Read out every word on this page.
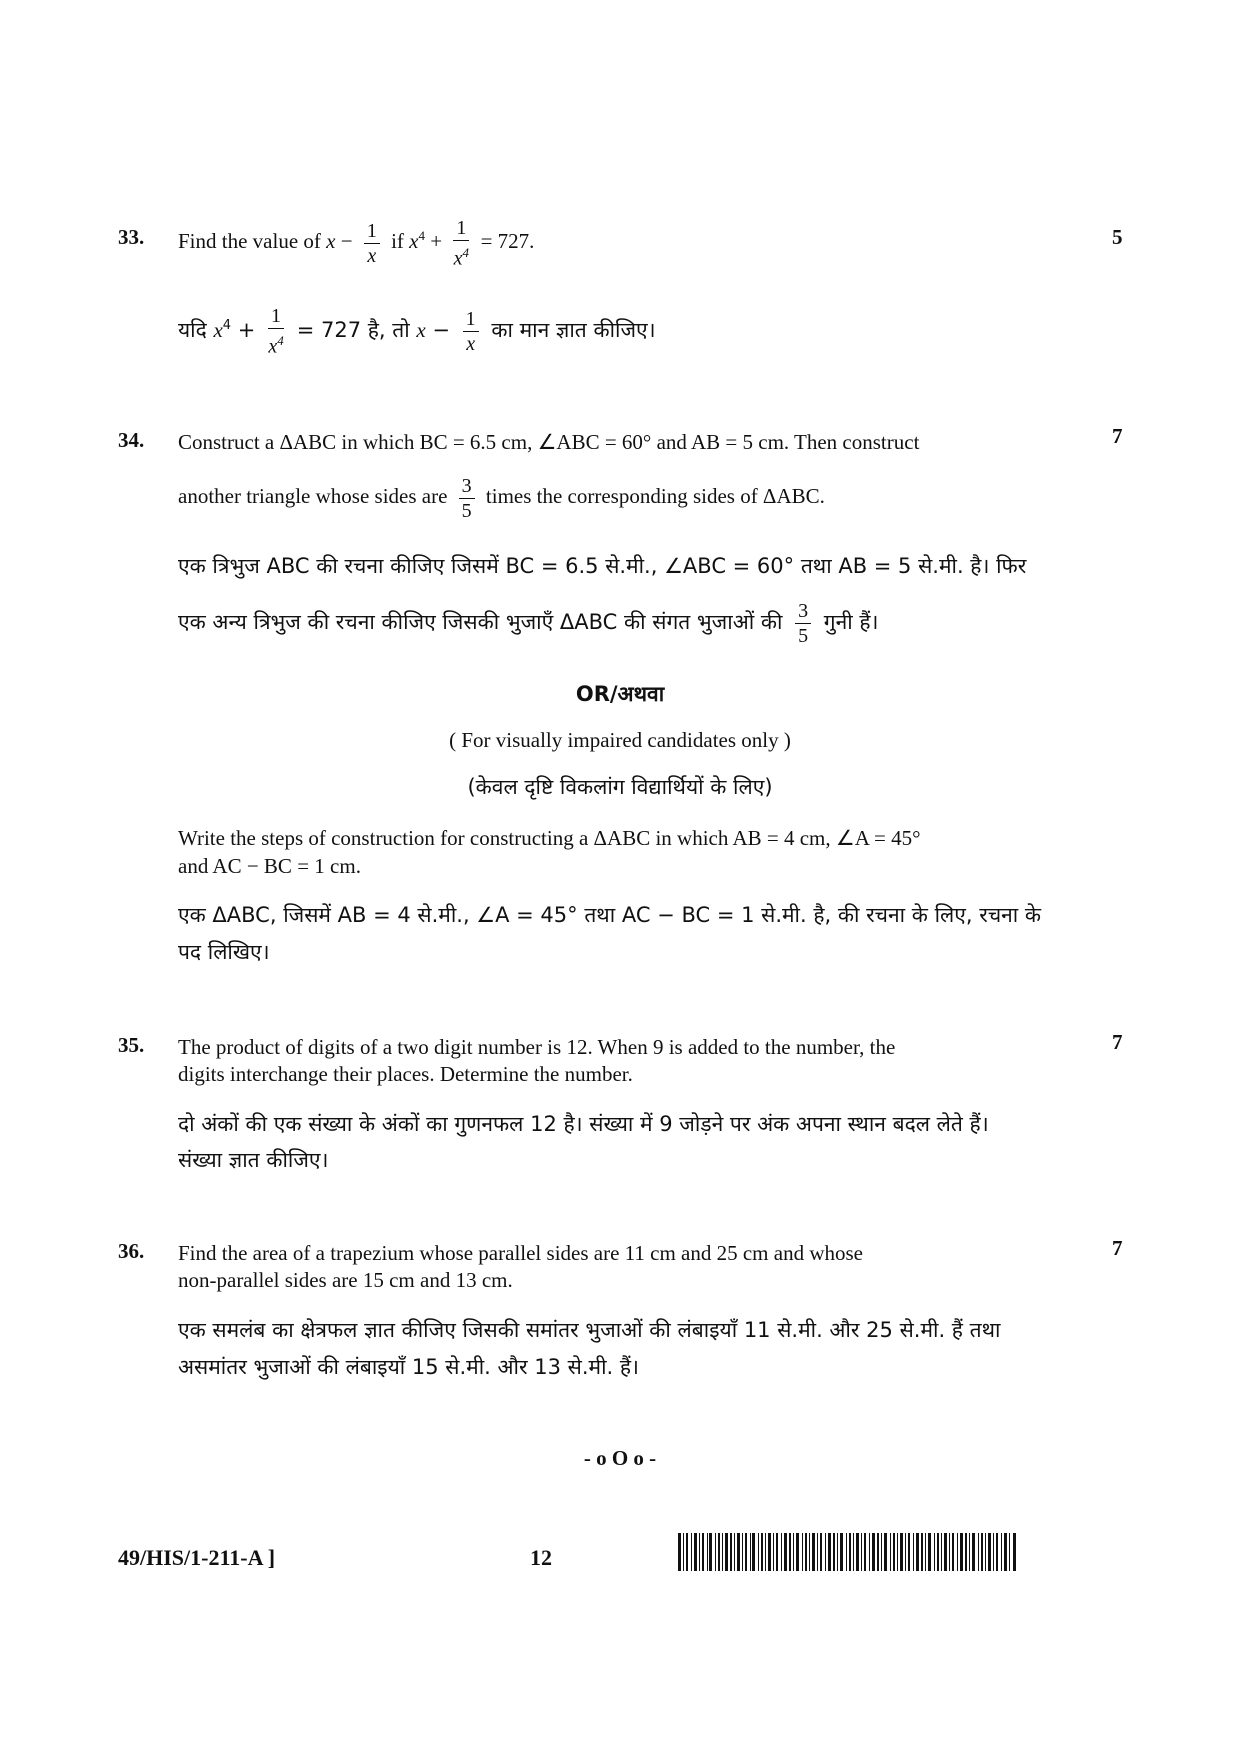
33.	5
Find the value of $x - \frac{1}{x}$ if $x^4 + \frac{1}{x^4} = 727$.
यदि $x^4 + \frac{1}{x^4} = 727$ है, तो $x - \frac{1}{x}$ का मान ज्ञात कीजिए।
34.	7
Construct a ΔABC in which BC = 6.5 cm, ∠ABC = 60° and AB = 5 cm. Then construct
another triangle whose sides are $\frac{3}{5}$ times the corresponding sides of ΔABC.
एक त्रिभुज ABC की रचना कीजिए जिसमें BC = 6.5 से.मी., ∠ABC = 60° तथा AB = 5 से.मी. है। फिर
एक अन्य त्रिभुज की रचना कीजिए जिसकी भुजाएँ ΔABC की संगत भुजाओं की $\frac{3}{5}$ गुनी हैं।
OR/अथवा
( For visually impaired candidates only )
(केवल दृष्टि विकलांग विद्यार्थियों के लिए)
Write the steps of construction for constructing a ΔABC in which AB = 4 cm, ∠A = 45°
and AC − BC = 1 cm.
एक ΔABC, जिसमें AB = 4 से.मी., ∠A = 45° तथा AC − BC = 1 से.मी. है, की रचना के लिए, रचना के
पद लिखिए।
35.	7
The product of digits of a two digit number is 12. When 9 is added to the number, the
digits interchange their places. Determine the number.
दो अंकों की एक संख्या के अंकों का गुणनफल 12 है। संख्या में 9 जोड़ने पर अंक अपना स्थान बदल लेते हैं।
संख्या ज्ञात कीजिए।
36.	7
Find the area of a trapezium whose parallel sides are 11 cm and 25 cm and whose
non-parallel sides are 15 cm and 13 cm.
एक समलंब का क्षेत्रफल ज्ञात कीजिए जिसकी समांतर भुजाओं की लंबाइयाँ 11 से.मी. और 25 से.मी. हैं तथा
असमांतर भुजाओं की लंबाइयाँ 15 से.मी. और 13 से.मी. हैं।
- o O o -
49/HIS/1-211-A ]	12
